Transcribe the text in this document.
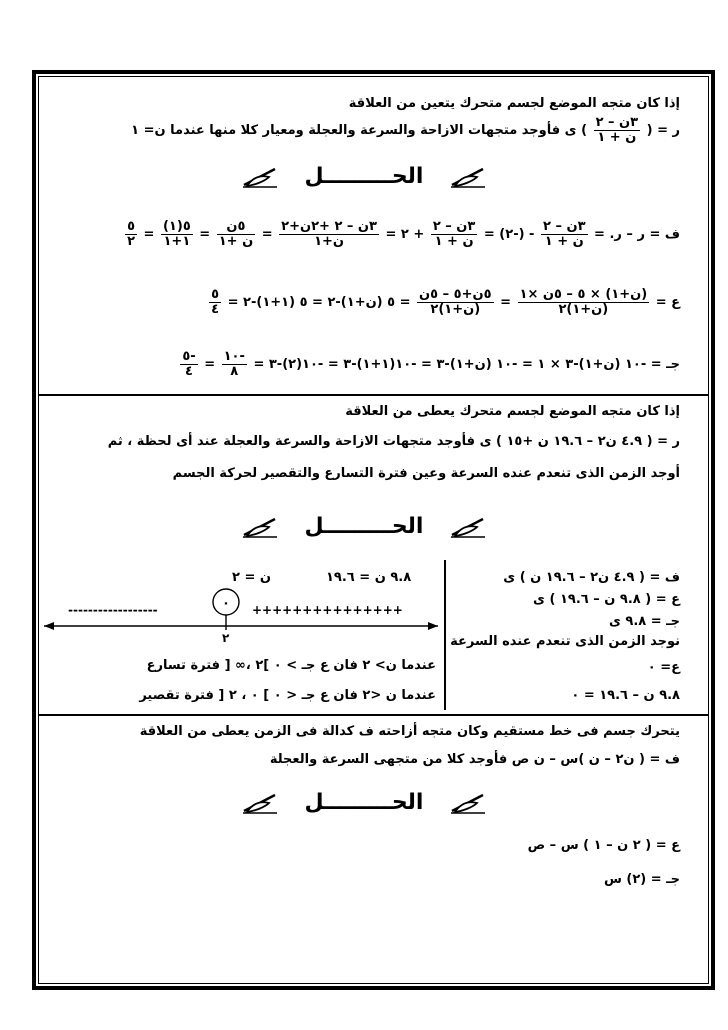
إذا كان متجه الموضع لجسم متحرك يتعين من العلاقة
ر = (
$\frac{\text{٣ن – ٢}}{\text{ن + ١}}$
) ى فأوجد متجهات الازاحة والسرعة والعجلة ومعيار كلا منها عندما ن= ١
الحـــــــــل
ف = ر – ر. =
$\frac{\text{٣ن – ٢}}{\text{ن + ١}}$
- (-٢) =
$\frac{\text{٣ن – ٢}}{\text{ن + ١}}$
+ ٢ =
$\frac{\text{٣ن – ٢ +٢ن+٢}}{\text{ن+١}}$
=
$\frac{\text{٥ن}}{\text{ن +١}}$
=
$\frac{٥(١)}{١+١}$
=
$\frac{٥}{٢}$
ع =
$\frac{\text{(ن+١) × ٥ – ٥ن ×١}}{\text{(ن+١)٢}}$
=
$\frac{\text{٥ن+٥ – ٥ن}}{\text{(ن+١)٢}}$
= ٥ (ن+١)-٢ = ٥ (١+١)-٢ =
$\frac{٥}{٤}$
جـ = -١٠ (ن+١)-٣ × ١ = -١٠ (ن+١)-٣ = -١٠(١+١)-٣ = -١٠(٢)-٣ =
$\frac{-١٠}{٨}$
=
$\frac{-٥}{٤}$
إذا كان متجه الموضع لجسم متحرك يعطى من العلاقة
ر = ( ٤.٩ ن٢ – ١٩.٦ ن +١٥ ) ى فأوجد متجهات الازاحة والسرعة والعجلة عند أى لحظة ، ثم
أوجد الزمن الذى تنعدم عنده السرعة وعين فترة التسارع والتقصير لحركة الجسم
الحـــــــــل
ف = ( ٤.٩ ن٢ – ١٩.٦ ن ) ى
ع = ( ٩.٨ ن – ١٩.٦ ) ى
جـ = ٩.٨ ى
نوجد الزمن الذى تنعدم عنده السرعة
ع= ٠
٩.٨ ن – ١٩.٦ = ٠
ن = ٢	٩.٨ ن = ١٩.٦
------------------	+++++++++++++++
٠
٢
عندما ن> ٢ فان ع جـ > ٠ ]٢ ،∞ [ فترة تسارع
عندما ن <٢ فان ع جـ < ٠ ] ٠ ، ٢ [ فترة تقصير
يتحرك جسم فى خط مستقيم وكان متجه أزاحته ف كدالة فى الزمن يعطى من العلاقة
ف = ( ن٢ – ن )س – ن ص فأوجد كلا من متجهى السرعة والعجلة
الحـــــــــل
ع = ( ٢ ن – ١ ) س – ص
جـ = (٢) س
